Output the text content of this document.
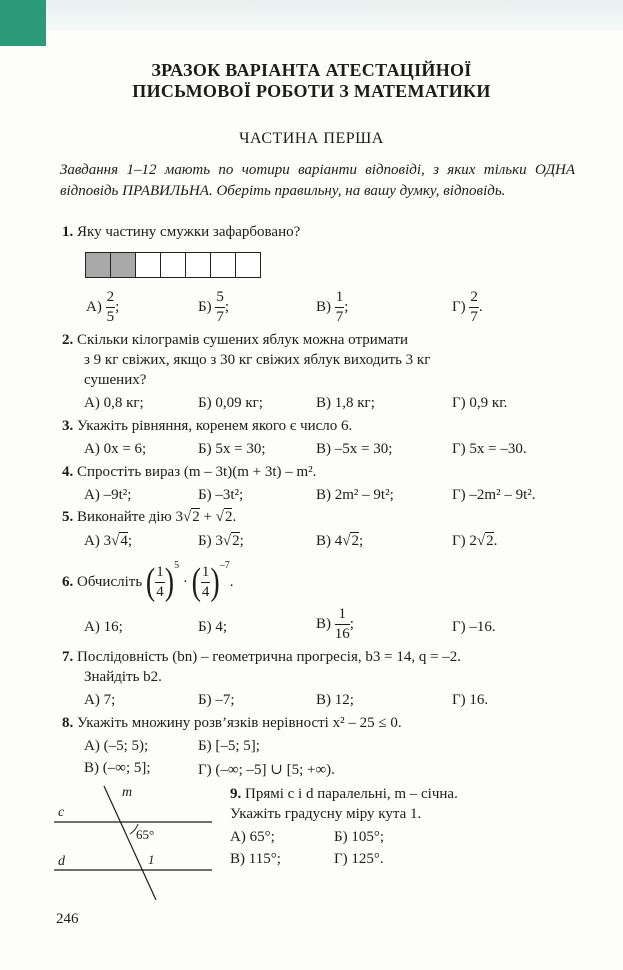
ЗРАЗОК ВАРІАНТА АТЕСТАЦІЙНОЇ
ПИСЬМОВОЇ РОБОТИ З МАТЕМАТИКИ
ЧАСТИНА ПЕРША
Завдання 1–12 мають по чотири варіанти відповіді, з яких тільки ОДНА відповідь ПРАВИЛЬНА. Оберіть правильну, на вашу думку, відповідь.
1. Яку частину смужки зафарбовано?
$А) \frac{2}{5}$ ;	$Б) \frac{5}{7}$ ;	$В) \frac{1}{7}$ ;	$Г) \frac{2}{7}$ .
2. Скільки кілограмів сушених яблук можна отримати
з 9 кг свіжих, якщо з 30 кг свіжих яблук виходить 3 кг
сушених?
А) 0,8 кг;	Б) 0,09 кг;	В) 1,8 кг;	Г) 0,9 кг.
3. Укажіть рівняння, коренем якого є число 6.
А) 0x = 6;	Б) 5x = 30;	В) –5x = 30;	Г) 5x = –30.
4. Спростіть вираз (m – 3t)(m + 3t) – m².
А) –9t²;	Б) –3t²;	В) 2m² – 9t²;	Г) –2m² – 9t².
5. Виконайте дію 3√2 + √2.
А) 3√4;	Б) 3√2;	В) 4√2;	Г) 2√2.
6. Обчисліть ( $\frac{1}{4} )^5$ · ( $\frac{1}{4} )^{-7}$.
А) 16;	Б) 4;	$В) \frac{1}{16}$ ;	Г) –16.
7. Послідовність (bn) – геометрична прогресія, b3 = 14, q = –2.
Знайдіть b2.
А) 7;	Б) –7;	В) 12;	Г) 16.
8. Укажіть множину розв’язків нерівності x² – 25 ≤ 0.
А) (–5; 5);	Б) [–5; 5];
В) (–∞; 5];	Г) (–∞; –5] ∪ [5; +∞).
m
c
d
65°
1
9. Прямі c і d паралельні, m – січна.
Укажіть градусну міру кута 1.
А) 65°;	Б) 105°;
В) 115°;	Г) 125°.
246
